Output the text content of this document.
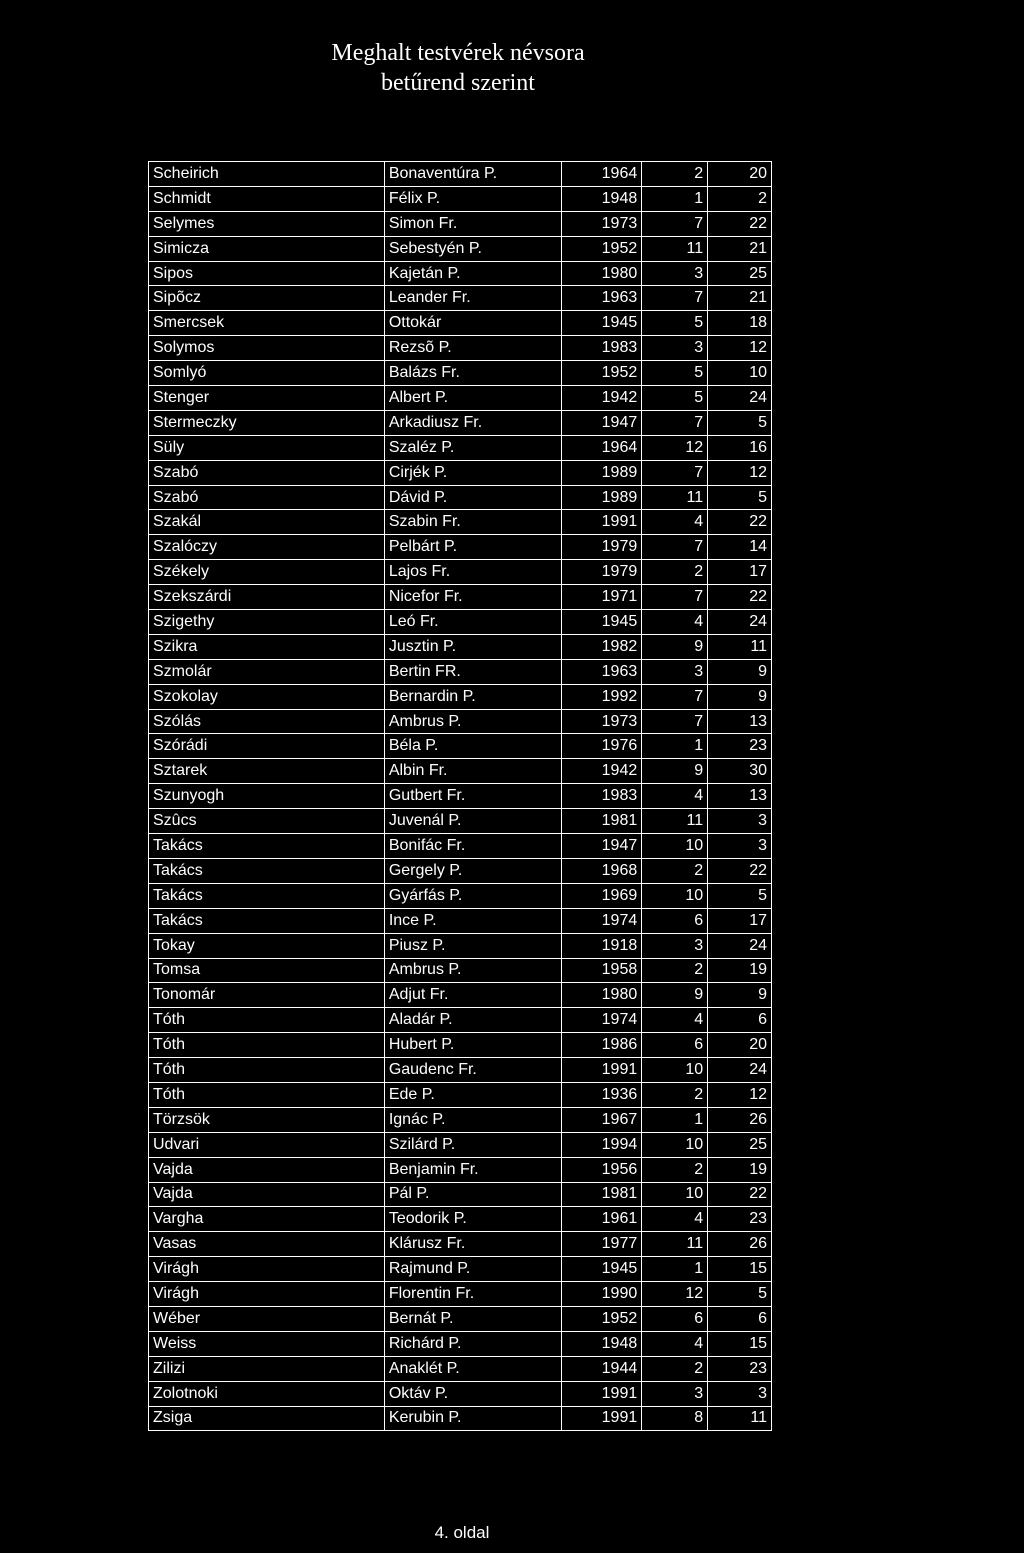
Meghalt testvérek névsora
betűrend szerint
Scheirich	Bonaventúra P.	1964	2	20
Schmidt	Félix P.	1948	1	2
Selymes	Simon Fr.	1973	7	22
Simicza	Sebestyén P.	1952	11	21
Sipos	Kajetán P.	1980	3	25
Sipõcz	Leander Fr.	1963	7	21
Smercsek	Ottokár	1945	5	18
Solymos	Rezsõ P.	1983	3	12
Somlyó	Balázs Fr.	1952	5	10
Stenger	Albert P.	1942	5	24
Stermeczky	Arkadiusz Fr.	1947	7	5
Süly	Szaléz P.	1964	12	16
Szabó	Cirjék P.	1989	7	12
Szabó	Dávid P.	1989	11	5
Szakál	Szabin Fr.	1991	4	22
Szalóczy	Pelbárt P.	1979	7	14
Székely	Lajos Fr.	1979	2	17
Szekszárdi	Nicefor Fr.	1971	7	22
Szigethy	Leó Fr.	1945	4	24
Szikra	Jusztin P.	1982	9	11
Szmolár	Bertin FR.	1963	3	9
Szokolay	Bernardin P.	1992	7	9
Szólás	Ambrus P.	1973	7	13
Szórádi	Béla P.	1976	1	23
Sztarek	Albin Fr.	1942	9	30
Szunyogh	Gutbert Fr.	1983	4	13
Szûcs	Juvenál P.	1981	11	3
Takács	Bonifác Fr.	1947	10	3
Takács	Gergely P.	1968	2	22
Takács	Gyárfás P.	1969	10	5
Takács	Ince P.	1974	6	17
Tokay	Piusz P.	1918	3	24
Tomsa	Ambrus P.	1958	2	19
Tonomár	Adjut Fr.	1980	9	9
Tóth	Aladár P.	1974	4	6
Tóth	Hubert P.	1986	6	20
Tóth	Gaudenc Fr.	1991	10	24
Tóth	Ede P.	1936	2	12
Törzsök	Ignác P.	1967	1	26
Udvari	Szilárd P.	1994	10	25
Vajda	Benjamin Fr.	1956	2	19
Vajda	Pál P.	1981	10	22
Vargha	Teodorik P.	1961	4	23
Vasas	Klárusz Fr.	1977	11	26
Virágh	Rajmund P.	1945	1	15
Virágh	Florentin Fr.	1990	12	5
Wéber	Bernát P.	1952	6	6
Weiss	Richárd P.	1948	4	15
Zilizi	Anaklét P.	1944	2	23
Zolotnoki	Oktáv P.	1991	3	3
Zsiga	Kerubin P.	1991	8	11
4. oldal
